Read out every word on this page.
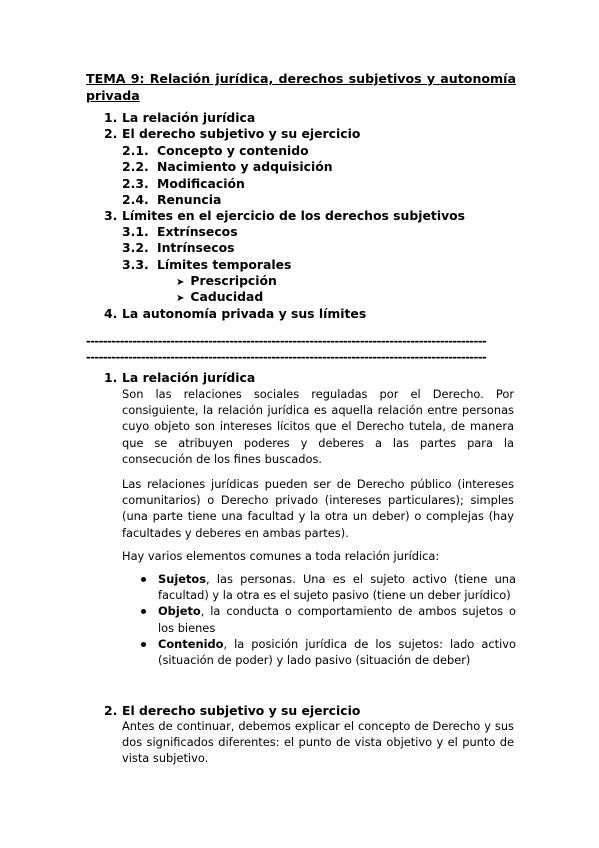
TEMA 9: Relación jurídica, derechos subjetivos y autonomía privada
1. La relación jurídica
2. El derecho subjetivo y su ejercicio
2.1. Concepto y contenido
2.2. Nacimiento y adquisición
2.3. Modificación
2.4. Renuncia
3. Límites en el ejercicio de los derechos subjetivos
3.1. Extrínsecos
3.2. Intrínsecos
3.3. Límites temporales
➤ Prescripción
➤ Caducidad
4. La autonomía privada y sus límites
-----------------------------------------------------------------------------------------------
-----------------------------------------------------------------------------------------------
1. La relación jurídica

Son las relaciones sociales reguladas por el Derecho. Por consiguiente, la relación jurídica es aquella relación entre personas cuyo objeto son intereses lícitos que el Derecho tutela, de manera que se atribuyen poderes y deberes a las partes para la consecución de los fines buscados.

Las relaciones jurídicas pueden ser de Derecho público (intereses comunitarios) o Derecho privado (intereses particulares); simples (una parte tiene una facultad y la otra un deber) o complejas (hay facultades y deberes en ambas partes).

Hay varios elementos comunes a toda relación jurídica:

Sujetos, las personas. Una es el sujeto activo (tiene una facultad) y la otra es el sujeto pasivo (tiene un deber jurídico)
Objeto, la conducta o comportamiento de ambos sujetos o los bienes
Contenido, la posición jurídica de los sujetos: lado activo (situación de poder) y lado pasivo (situación de deber)
2. El derecho subjetivo y su ejercicio

Antes de continuar, debemos explicar el concepto de Derecho y sus dos significados diferentes: el punto de vista objetivo y el punto de vista subjetivo.
